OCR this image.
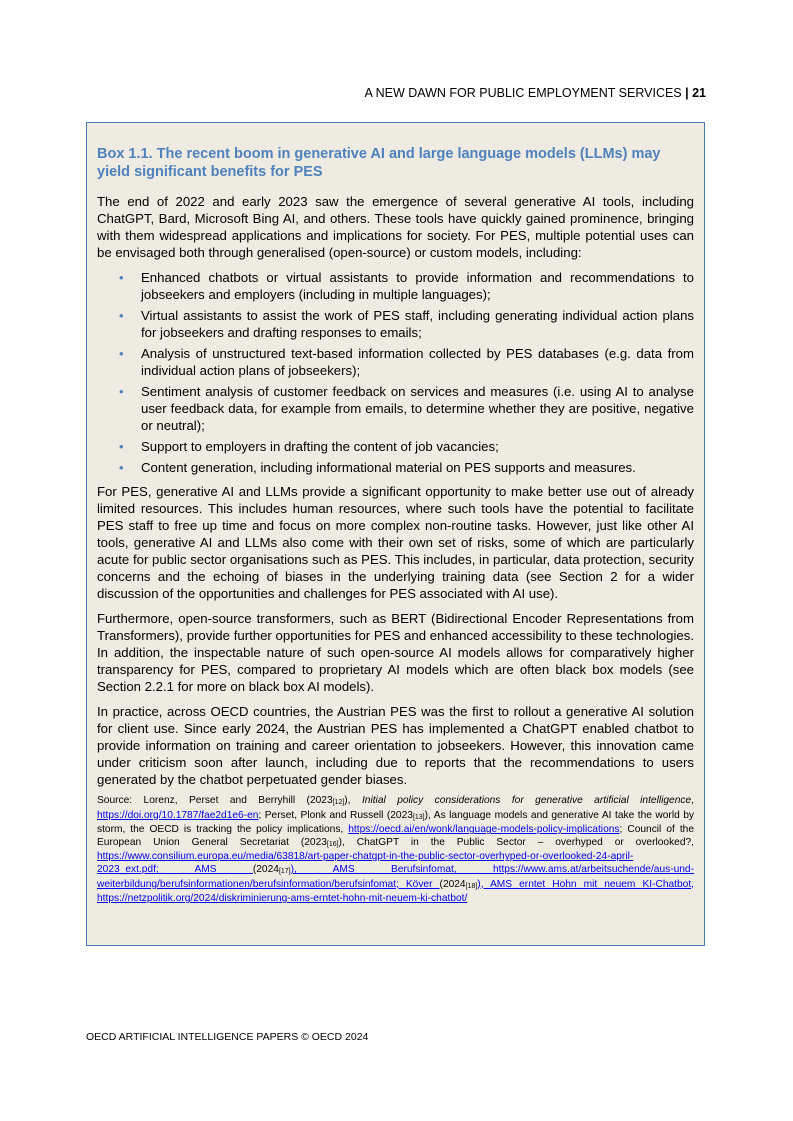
A NEW DAWN FOR PUBLIC EMPLOYMENT SERVICES | 21
Box 1.1. The recent boom in generative AI and large language models (LLMs) may yield significant benefits for PES

The end of 2022 and early 2023 saw the emergence of several generative AI tools, including ChatGPT, Bard, Microsoft Bing AI, and others. These tools have quickly gained prominence, bringing with them widespread applications and implications for society. For PES, multiple potential uses can be envisaged both through generalised (open-source) or custom models, including:

• Enhanced chatbots or virtual assistants to provide information and recommendations to jobseekers and employers (including in multiple languages);
• Virtual assistants to assist the work of PES staff, including generating individual action plans for jobseekers and drafting responses to emails;
• Analysis of unstructured text-based information collected by PES databases (e.g. data from individual action plans of jobseekers);
• Sentiment analysis of customer feedback on services and measures (i.e. using AI to analyse user feedback data, for example from emails, to determine whether they are positive, negative or neutral);
• Support to employers in drafting the content of job vacancies;
• Content generation, including informational material on PES supports and measures.

For PES, generative AI and LLMs provide a significant opportunity to make better use out of already limited resources. This includes human resources, where such tools have the potential to facilitate PES staff to free up time and focus on more complex non-routine tasks. However, just like other AI tools, generative AI and LLMs also come with their own set of risks, some of which are particularly acute for public sector organisations such as PES. This includes, in particular, data protection, security concerns and the echoing of biases in the underlying training data (see Section 2 for a wider discussion of the opportunities and challenges for PES associated with AI use).

Furthermore, open-source transformers, such as BERT (Bidirectional Encoder Representations from Transformers), provide further opportunities for PES and enhanced accessibility to these technologies. In addition, the inspectable nature of such open-source AI models allows for comparatively higher transparency for PES, compared to proprietary AI models which are often black box models (see Section 2.2.1 for more on black box AI models).

In practice, across OECD countries, the Austrian PES was the first to rollout a generative AI solution for client use. Since early 2024, the Austrian PES has implemented a ChatGPT enabled chatbot to provide information on training and career orientation to jobseekers. However, this innovation came under criticism soon after launch, including due to reports that the recommendations to users generated by the chatbot perpetuated gender biases.

Source: Lorenz, Perset and Berryhill $(2023_{[12]})$, Initial policy considerations for generative artificial intelligence, https://doi.org/10.1787/fae2d1e6-en; Perset, Plonk and Russell $(2023_{[13]})$, As language models and generative AI take the world by storm, the OECD is tracking the policy implications, https://oecd.ai/en/wonk/language-models-policy-implications; Council of the European Union General Secretariat $(2023_{[16]})$, ChatGPT in the Public Sector – overhyped or overlooked?, https://www.consilium.europa.eu/media/63818/art-paper-chatgpt-in-the-public-sector-overhyped-or-overlooked-24-april-2023_ext.pdf; AMS $(2024_{[17]})$, AMS Berufsinfomat, https://www.ams.at/arbeitsuchende/aus-und-weiterbildung/berufsinformationen/berufsinformation/berufsinfomat; Köver $(2024_{[18]})$, AMS erntet Hohn mit neuem KI-Chatbot, https://netzpolitik.org/2024/diskriminierung-ams-erntet-hohn-mit-neuem-ki-chatbot/
OECD ARTIFICIAL INTELLIGENCE PAPERS © OECD 2024
